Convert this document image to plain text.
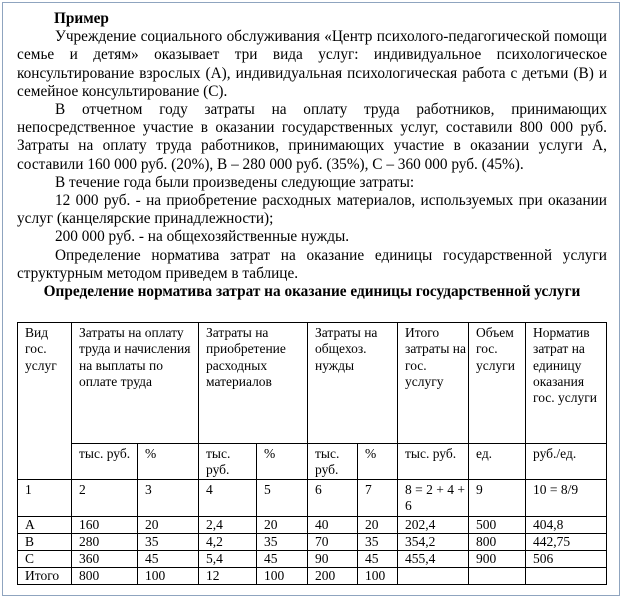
Пример

Учреждение социального обслуживания «Центр психолого-педагогической помощи семье и детям» оказывает три вида услуг: индивидуальное психологическое консультирование взрослых (А), индивидуальная психологическая работа с детьми (В) и семейное консультирование (С).

В отчетном году затраты на оплату труда работников, принимающих непосредственное участие в оказании государственных услуг, составили 800 000 руб. Затраты на оплату труда работников, принимающих участие в оказании услуги А, составили 160 000 руб. (20%), В – 280 000 руб. (35%), С – 360 000 руб. (45%).

В течение года были произведены следующие затраты:

12 000 руб. - на приобретение расходных материалов, используемых при оказании услуг (канцелярские принадлежности);

200 000 руб. - на общехозяйственные нужды.

Определение норматива затрат на оказание единицы государственной услуги структурным методом приведем в таблице.

Определение норматива затрат на оказание единицы государственной услуги

Вид гос. услуг	Затраты на оплату труда и начисления на выплаты по оплате труда		Затраты на приобретение расходных материалов		Затраты на общехоз. нужды		Итого затраты на гос. услугу	Объем гос. услуги	Норматив затрат на единицу оказания гос. услуги
	тыс. руб.	%	тыс. руб.	%	тыс. руб.	%	тыс. руб.	ед.	руб./ед.
1	2	3	4	5	6	7	8 = 2 + 4 + 6	9	10 = 8/9
А	160	20	2,4	20	40	20	202,4	500	404,8
В	280	35	4,2	35	70	35	354,2	800	442,75
С	360	45	5,4	45	90	45	455,4	900	506
Итого	800	100	12	100	200	100			
